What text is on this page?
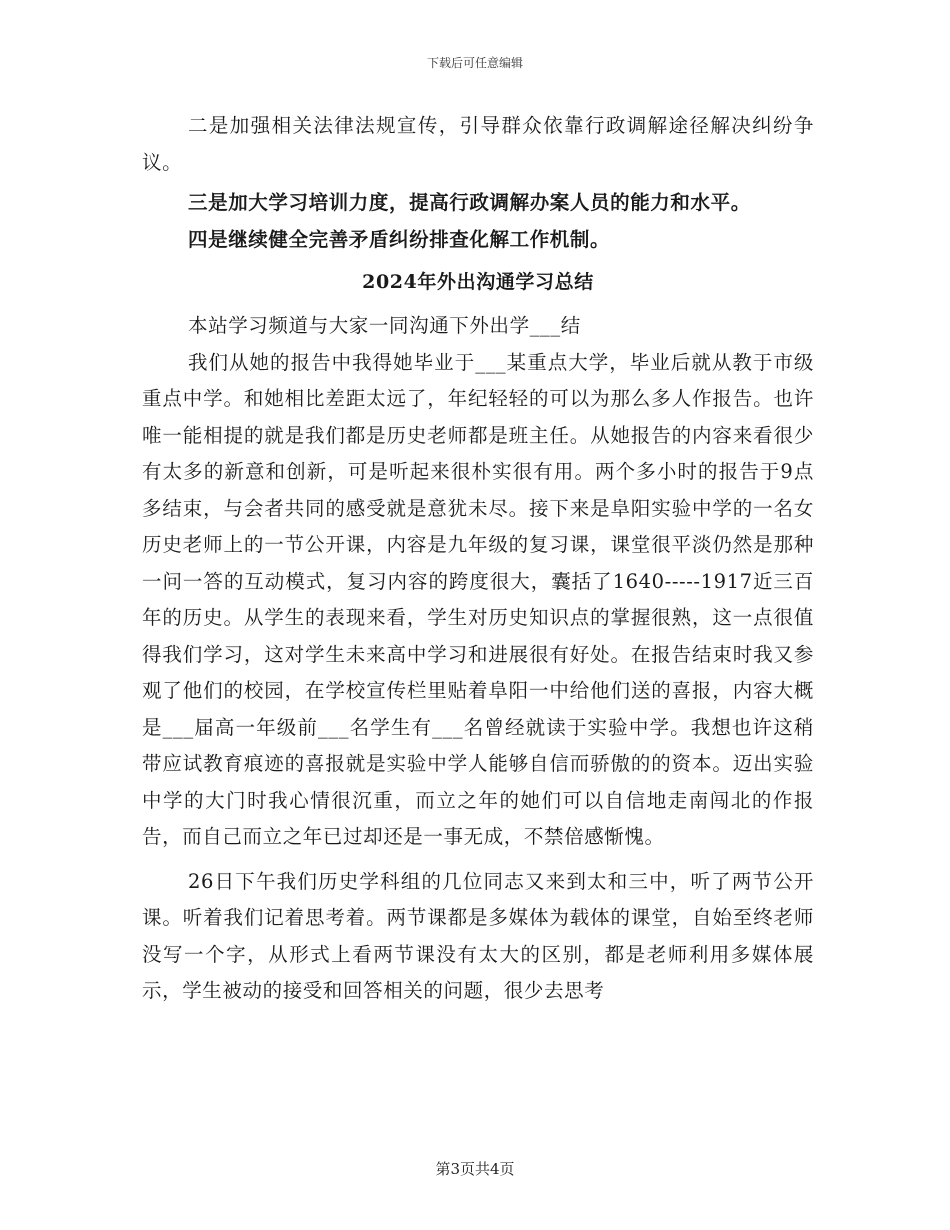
下载后可任意编辑

二是加强相关法律法规宣传，引导群众依靠行政调解途径解决纠纷争议。

三是加大学习培训力度，提高行政调解办案人员的能力和水平。

四是继续健全完善矛盾纠纷排查化解工作机制。

2024年外出沟通学习总结

本站学习频道与大家一同沟通下外出学___结

我们从她的报告中我得她毕业于___某重点大学，毕业后就从教于市级重点中学。和她相比差距太远了，年纪轻轻的可以为那么多人作报告。也许唯一能相提的就是我们都是历史老师都是班主任。从她报告的内容来看很少有太多的新意和创新，可是听起来很朴实很有用。两个多小时的报告于9点多结束，与会者共同的感受就是意犹未尽。接下来是阜阳实验中学的一名女历史老师上的一节公开课，内容是九年级的复习课，课堂很平淡仍然是那种一问一答的互动模式，复习内容的跨度很大，囊括了1640-----1917近三百年的历史。从学生的表现来看，学生对历史知识点的掌握很熟，这一点很值得我们学习，这对学生未来高中学习和进展很有好处。在报告结束时我又参观了他们的校园，在学校宣传栏里贴着阜阳一中给他们送的喜报，内容大概是___届高一年级前___名学生有___名曾经就读于实验中学。我想也许这稍带应试教育痕迹的喜报就是实验中学人能够自信而骄傲的的资本。迈出实验中学的大门时我心情很沉重，而立之年的她们可以自信地走南闯北的作报告，而自己而立之年已过却还是一事无成，不禁倍感惭愧。

26日下午我们历史学科组的几位同志又来到太和三中，听了两节公开课。听着我们记着思考着。两节课都是多媒体为载体的课堂，自始至终老师没写一个字，从形式上看两节课没有太大的区别，都是老师利用多媒体展示，学生被动的接受和回答相关的问题，很少去思考

第3页共4页
